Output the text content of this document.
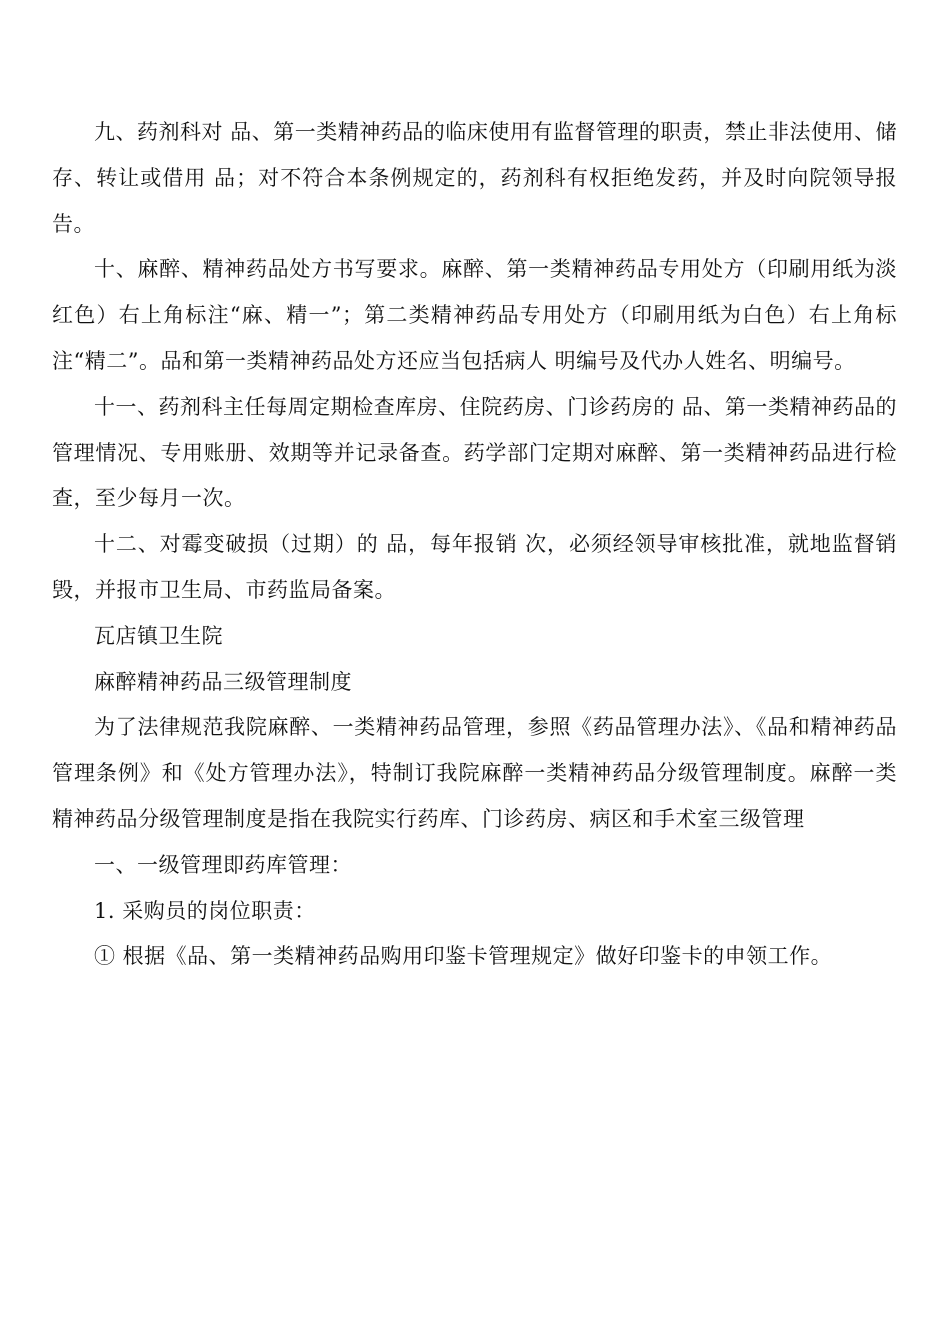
九、药剂科对 品、第一类精神药品的临床使用有监督管理的职责，禁止非法使用、储存、转让或借用 品；对不符合本条例规定的，药剂科有权拒绝发药，并及时向院领导报告。

十、麻醉、精神药品处方书写要求。麻醉、第一类精神药品专用处方（印刷用纸为淡红色）右上角标注“麻、精一”；第二类精神药品专用处方（印刷用纸为白色）右上角标注“精二”。品和第一类精神药品处方还应当包括病人 明编号及代办人姓名、明编号。

十一、药剂科主任每周定期检查库房、住院药房、门诊药房的 品、第一类精神药品的管理情况、专用账册、效期等并记录备查。药学部门定期对麻醉、第一类精神药品进行检查，至少每月一次。

十二、对霉变破损（过期）的 品，每年报销 次，必须经领导审核批准，就地监督销毁，并报市卫生局、市药监局备案。

瓦店镇卫生院

麻醉精神药品三级管理制度

为了法律规范我院麻醉、一类精神药品管理，参照《药品管理办法》、《品和精神药品管理条例》和《处方管理办法》，特制订我院麻醉一类精神药品分级管理制度。麻醉一类精神药品分级管理制度是指在我院实行药库、门诊药房、病区和手术室三级管理

一、一级管理即药库管理：

1. 采购员的岗位职责：

① 根据《品、第一类精神药品购用印鉴卡管理规定》做好印鉴卡的申领工作。
